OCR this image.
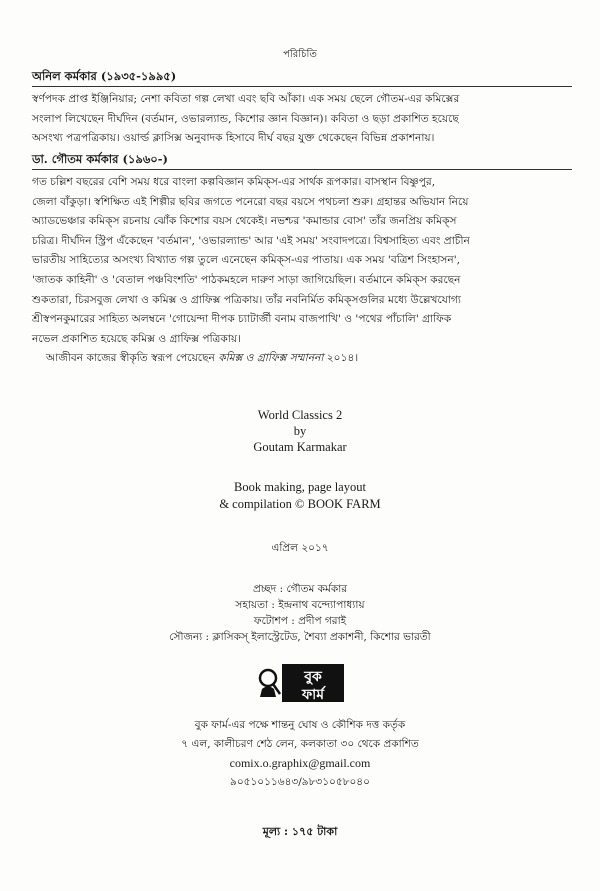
পরিচিতি
অনিল কর্মকার (১৯৩৫-১৯৯৫)

স্বর্ণপদক প্রাপ্ত ইঞ্জিনিয়ার; নেশা কবিতা গল্প লেখা এবং ছবি আঁকা। এক সময় ছেলে গৌতম-এর কমিক্সের

সংলাপ লিখেছেন দীর্ঘদিন (বর্তমান, ওভারল্যান্ড, কিশোর জ্ঞান বিজ্ঞান)। কবিতা ও ছড়া প্রকাশিত হয়েছে

অসংখ্য পত্রপত্রিকায়। ওয়ার্ল্ড ক্লাসিক্স অনুবাদক হিসাবে দীর্ঘ বছর যুক্ত থেকেছেন বিভিন্ন প্রকাশনায়।

ডা. গৌতম কর্মকার (১৯৬০-)

গত চল্লিশ বছরের বেশি সময় ধরে বাংলা কল্পবিজ্ঞান কমিক্‌স-এর সার্থক রূপকার। বাসস্থান বিষ্ণুপুর,

জেলা বাঁকুড়া। স্বশিক্ষিত এই শিল্পীর ছবির জগতে পনেরো বছর বয়সে পথচলা শুরু। গ্রহান্তর অভিযান নিয়ে

অ্যাডভেঞ্চার কমিক্‌স রচনায় ঝোঁক কিশোর বয়স থেকেই। নভশ্চর 'কমান্ডার বোস' তাঁর জনপ্রিয় কমিক্‌স

চরিত্র। দীর্ঘদিন স্ট্রিপ এঁকেছেন 'বর্তমান', 'ওভারল্যান্ড' আর 'এই সময়' সংবাদপত্রে। বিশ্বসাহিত্য এবং প্রাচীন

ভারতীয় সাহিত্যের অসংখ্য বিখ্যাত গল্প তুলে এনেছেন কমিক্‌স-এর পাতায়। এক সময় 'বত্রিশ সিংহাসন',

'জাতক কাহিনী' ও 'বেতাল পঞ্চবিংশতি' পাঠকমহলে দারুণ সাড়া জাগিয়েছিল। বর্তমানে কমিক্‌স করছেন

শুকতারা, চিরসবুজ লেখা ও কমিক্স ও গ্রাফিক্স পত্রিকায়। তাঁর নবনির্মিত কমিক্‌সগুলির মধ্যে উল্লেখযোগ্য

শ্রীস্বপনকুমারের সাহিত্য অলম্বনে 'গোয়েন্দা দীপক চ্যাটার্জী বনাম বাজপাখি' ও 'পথের পাঁচালি' গ্রাফিক

নভেল প্রকাশিত হয়েছে কমিক্স ও গ্রাফিক্স পত্রিকায়।

আজীবন কাজের স্বীকৃতি স্বরূপ পেয়েছেন কমিক্স ও গ্রাফিক্স সম্মাননা ২০১৪।

World Classics 2
by
Goutam Karmakar
Book making, page layout
& compilation © BOOK FARM
এপ্রিল ২০১৭
প্রচ্ছদ : গৌতম কর্মকার
সহায়তা : ইন্দ্রনাথ বন্দ্যোপাধ্যায়
ফটোশপ : প্রদীপ গরাই
সৌজন্য : ক্লাসিকস্ ইলাস্ট্রেটেড, শৈব্যা প্রকাশনী, কিশোর ভারতী
বুক
ফার্ম
বুক ফার্ম-এর পক্ষে শান্তনু ঘোষ ও কৌশিক দত্ত কর্তৃক
৭ এল, কালীচরণ শেঠ লেন, কলকাতা ৩০ থেকে প্রকাশিত
comix.o.graphix@gmail.com
৯০৫১০১১৬৪৩/৯৮৩১০৫৮০৪০
মূল্য : ১৭৫ টাকা
